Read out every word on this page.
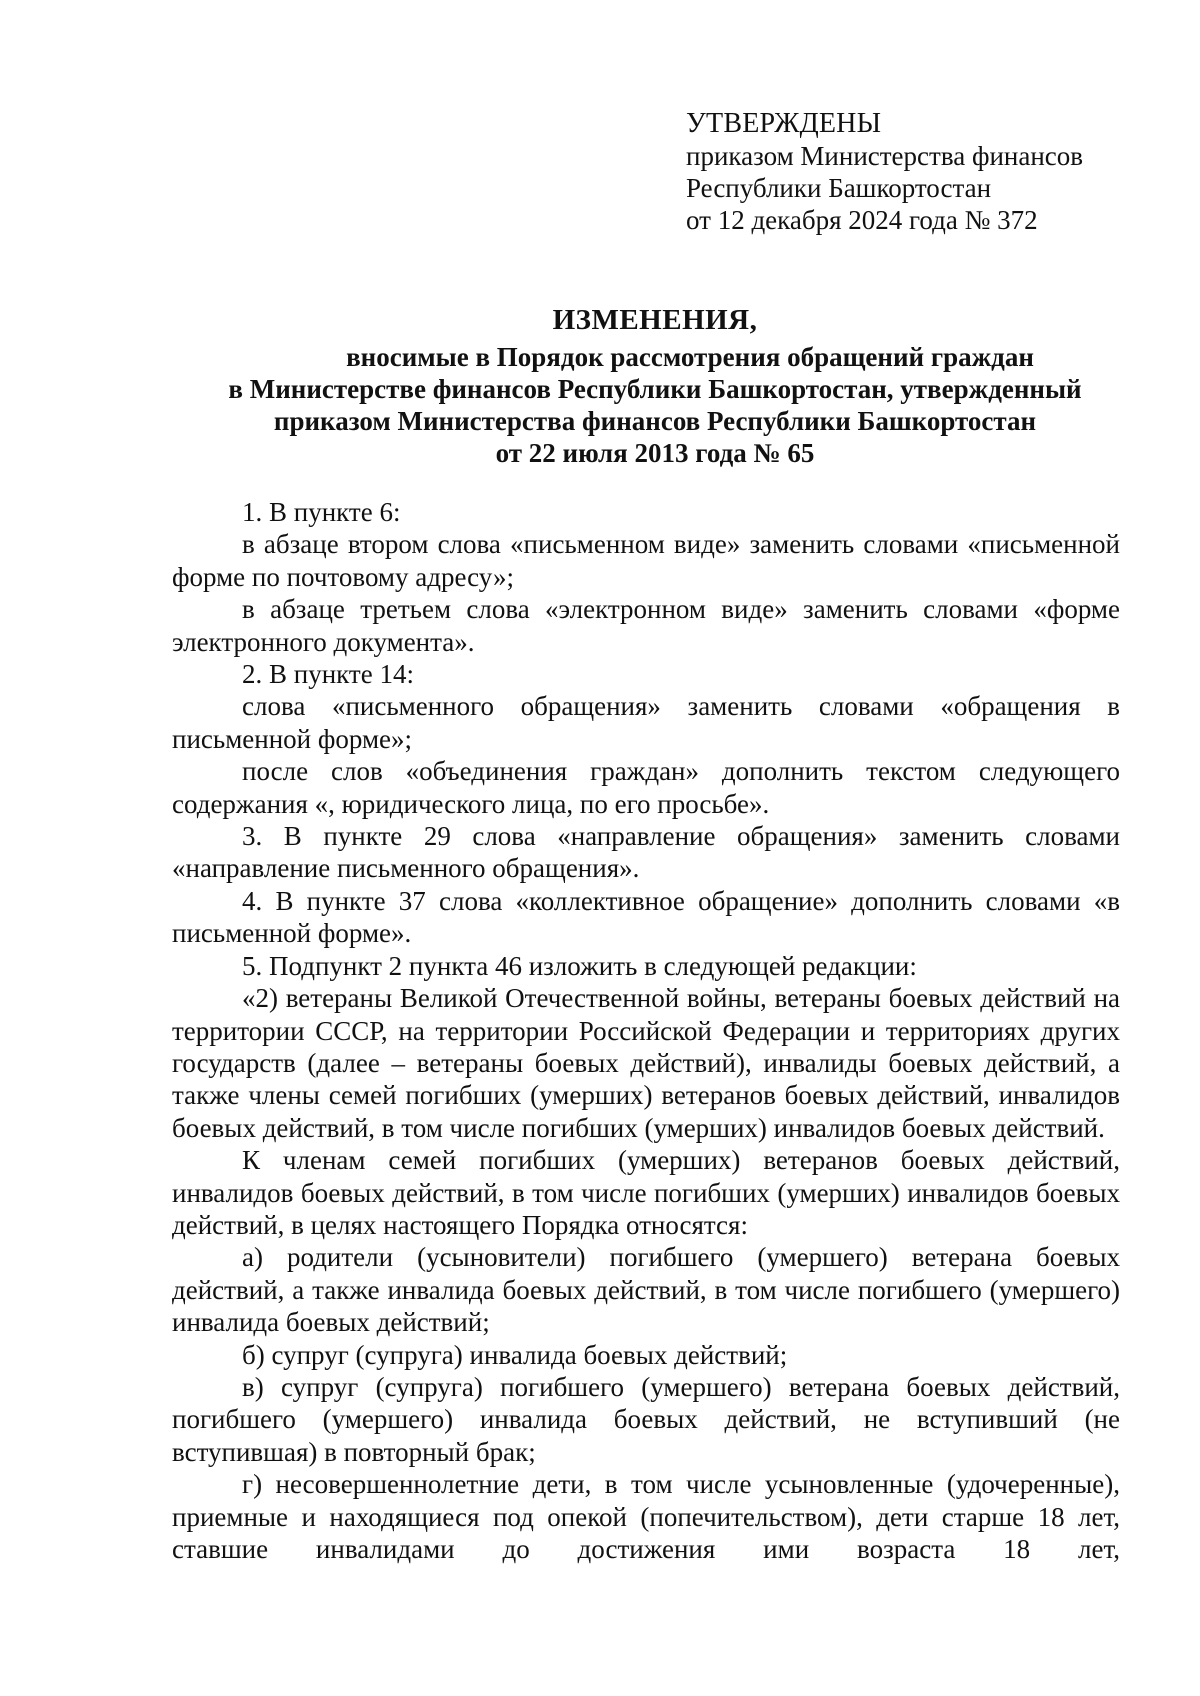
УТВЕРЖДЕНЫ
приказом Министерства финансов
Республики Башкортостан
от 12 декабря 2024 года № 372
ИЗМЕНЕНИЯ,
вносимые в Порядок рассмотрения обращений граждан
в Министерстве финансов Республики Башкортостан, утвержденный
приказом Министерства финансов Республики Башкортостан
от 22 июля 2013 года № 65

1. В пункте 6:

в абзаце втором слова «письменном виде» заменить словами «письменной форме по почтовому адресу»;

в абзаце третьем слова «электронном виде» заменить словами «форме электронного документа».

2. В пункте 14:

слова «письменного обращения» заменить словами «обращения в письменной форме»;

после слов «объединения граждан» дополнить текстом следующего содержания «, юридического лица, по его просьбе».

3. В пункте 29 слова «направление обращения» заменить словами «направление письменного обращения».

4. В пункте 37 слова «коллективное обращение» дополнить словами «в письменной форме».

5. Подпункт 2 пункта 46 изложить в следующей редакции:

«2) ветераны Великой Отечественной войны, ветераны боевых действий на территории СССР, на территории Российской Федерации и территориях других государств (далее – ветераны боевых действий), инвалиды боевых действий, а также члены семей погибших (умерших) ветеранов боевых действий, инвалидов боевых действий, в том числе погибших (умерших) инвалидов боевых действий.

К членам семей погибших (умерших) ветеранов боевых действий, инвалидов боевых действий, в том числе погибших (умерших) инвалидов боевых действий, в целях настоящего Порядка относятся:

а) родители (усыновители) погибшего (умершего) ветерана боевых действий, а также инвалида боевых действий, в том числе погибшего (умершего) инвалида боевых действий;

б) супруг (супруга) инвалида боевых действий;

в) супруг (супруга) погибшего (умершего) ветерана боевых действий, погибшего (умершего) инвалида боевых действий, не вступивший (не вступившая) в повторный брак;

г) несовершеннолетние дети, в том числе усыновленные (удочеренные), приемные и находящиеся под опекой (попечительством), дети старше 18 лет, ставшие инвалидами до достижения ими возраста 18 лет,
